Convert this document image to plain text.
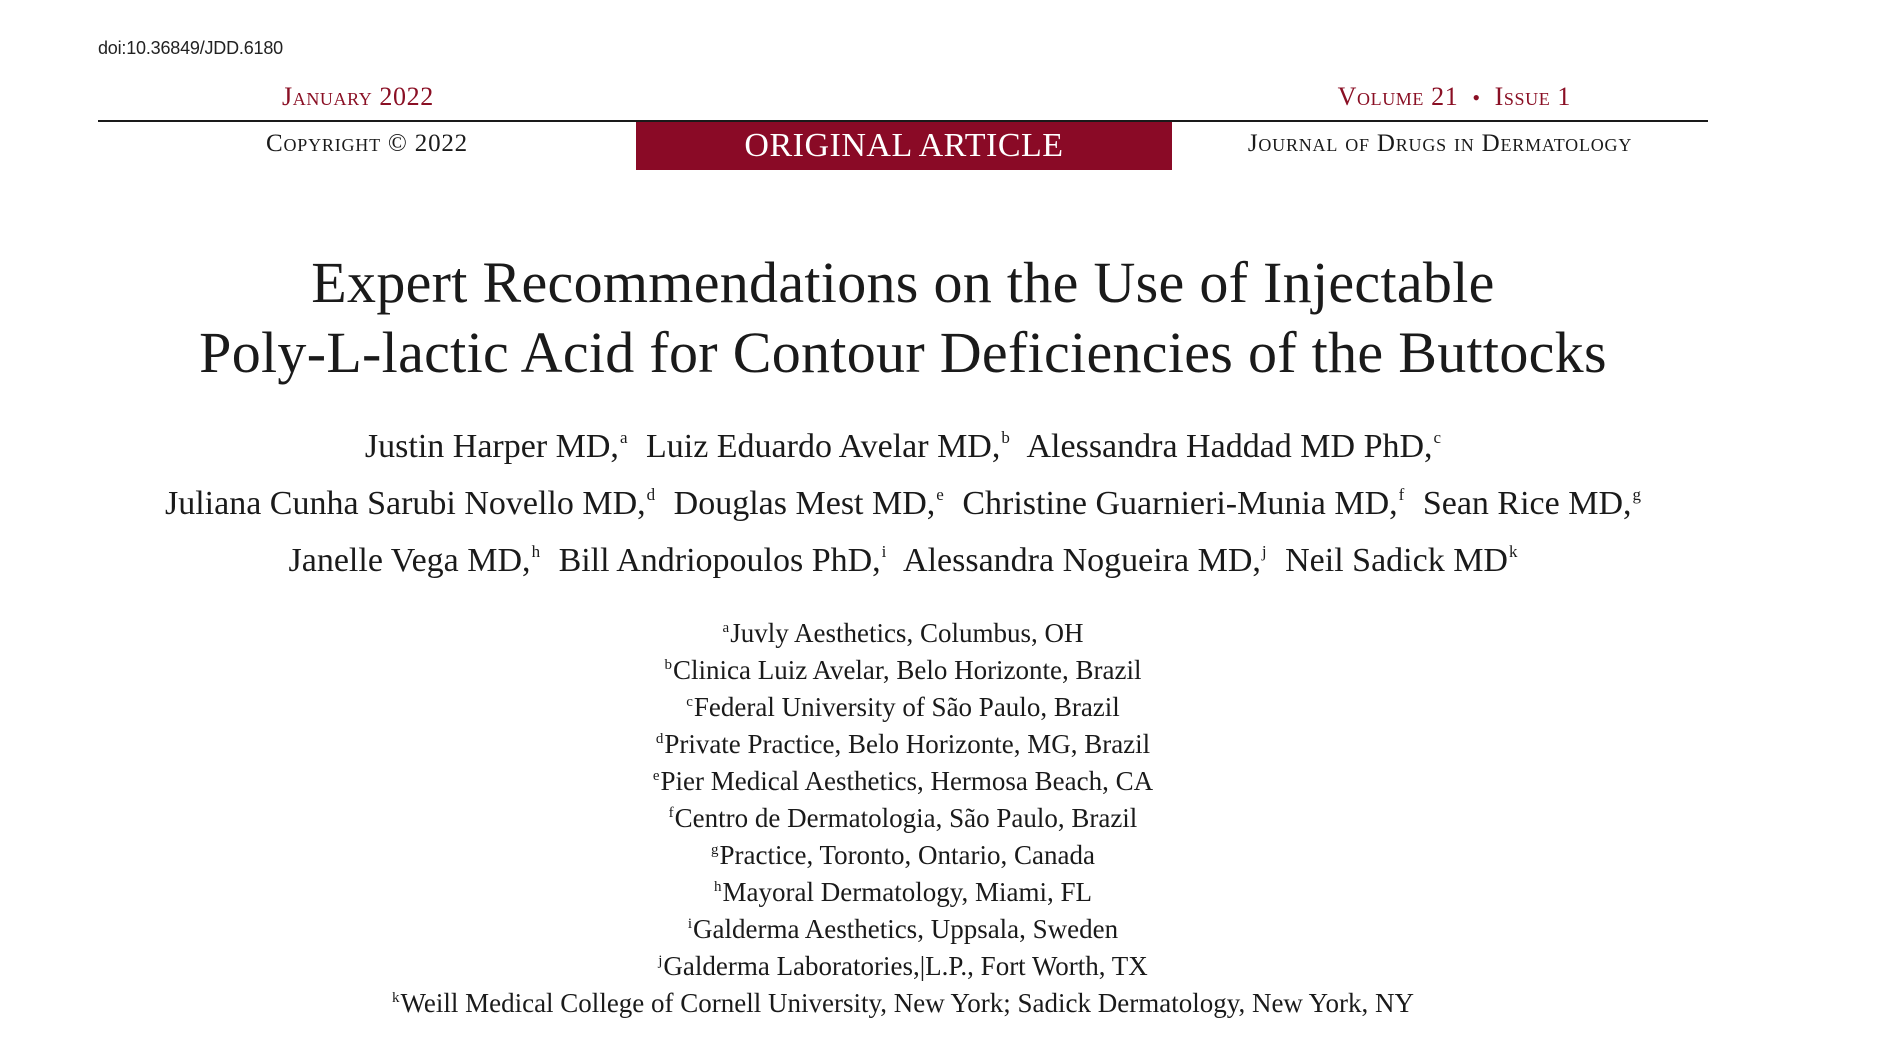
doi:10.36849/JDD.6180
January 2022	Volume 21 • Issue 1
Copyright © 2022	ORIGINAL ARTICLE	Journal of Drugs in Dermatology
Expert Recommendations on the Use of Injectable
Poly-L-lactic Acid for Contour Deficiencies of the Buttocks
Justin Harper MD,$^a$ Luiz Eduardo Avelar MD,$^b$ Alessandra Haddad MD PhD,$^c$
Juliana Cunha Sarubi Novello MD,$^d$ Douglas Mest MD,$^e$ Christine Guarnieri-Munia MD,$^f$ Sean Rice MD,$^g$
Janelle Vega MD,$^h$ Bill Andriopoulos PhD,$^i$ Alessandra Nogueira MD,$^j$ Neil Sadick $MD^k$
$^a$Juvly Aesthetics, Columbus, OH
$^b$Clinica Luiz Avelar, Belo Horizonte, Brazil
$^c$Federal University of São Paulo, Brazil
$^d$Private Practice, Belo Horizonte, MG, Brazil
$^e$Pier Medical Aesthetics, Hermosa Beach, CA
$^f$Centro de Dermatologia, São Paulo, Brazil
$^g$Practice, Toronto, Ontario, Canada
$^h$Mayoral Dermatology, Miami, FL
$^i$Galderma Aesthetics, Uppsala, Sweden
$^j$Galderma Laboratories,|L.P., Fort Worth, TX
$^k$Weill Medical College of Cornell University, New York; Sadick Dermatology, New York, NY
